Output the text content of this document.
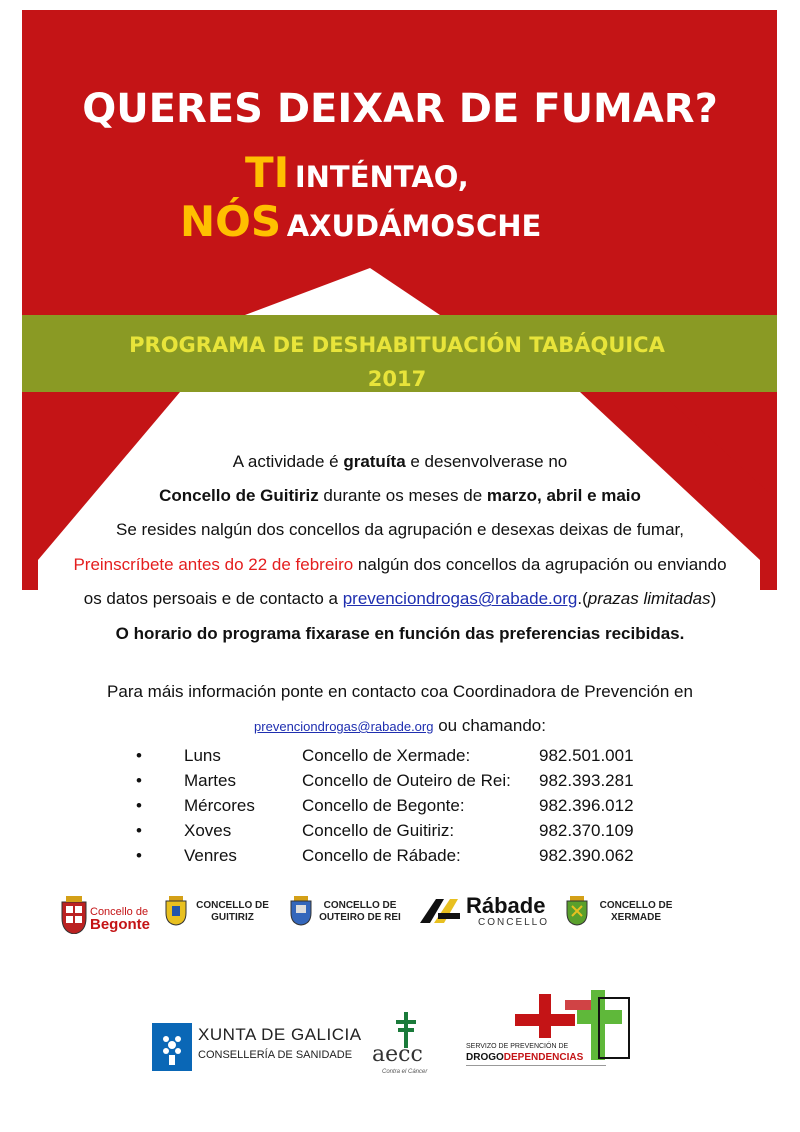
QUERES DEIXAR DE FUMAR?
TI INTÉNTAO,
NÓS AXUDÁMOSCHE
PROGRAMA DE DESHABITUACIÓN TABÁQUICA
2017
A actividade é gratuíta e desenvolverase no
Concello de Guitiriz durante os meses de marzo, abril e maio
Se resides nalgún dos concellos da agrupación e desexas deixas de fumar,
Preinscríbete antes do 22 de febreiro nalgún dos concellos da agrupación ou enviando
os datos persoais e de contacto a prevenciondrogas@rabade.org.(prazas limitadas)
O horario do programa fixarase en función das preferencias recibidas.
Para máis información ponte en contacto coa Coordinadora de Prevención en
prevenciondrogas@rabade.org ou chamando:
•	Luns	Concello de Xermade:	982.501.001
•	Martes	Concello de Outeiro de Rei:	982.393.281
•	Mércores	Concello de Begonte:	982.396.012
•	Xoves	Concello de Guitiriz:	982.370.109
•	Venres	Concello de Rábade:	982.390.062
Concello de
Begonte
CONCELLO DE
GUITIRIZ
CONCELLO DE
OUTEIRO DE REI	Rábade
CONCELLO
CONCELLO DE
XERMADE
XUNTA DE GALICIA
CONSELLERÍA DE SANIDADE aecc
Contra el Cáncer
SERVIZO DE PREVENCIÓN DE
DROGODEPENDENCIAS
